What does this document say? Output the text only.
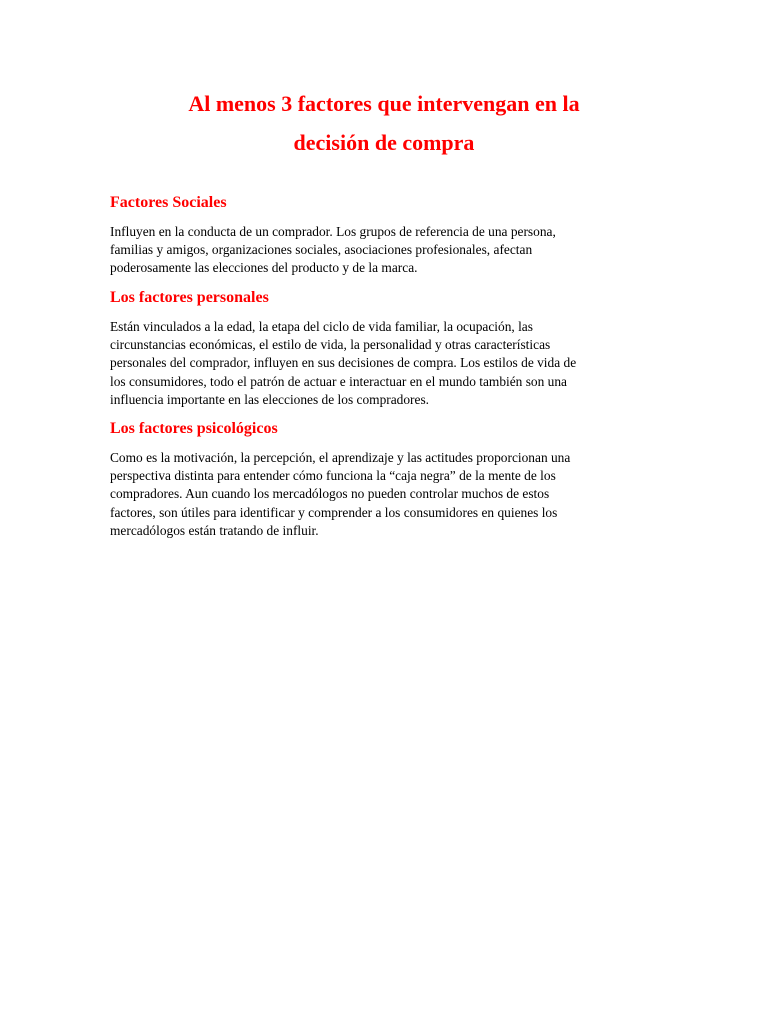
Al menos 3 factores que intervengan en la
decisión de compra
Factores Sociales

Influyen en la conducta de un comprador. Los grupos de referencia de una persona,
familias y amigos, organizaciones sociales, asociaciones profesionales, afectan
poderosamente las elecciones del producto y de la marca.

Los factores personales

Están vinculados a la edad, la etapa del ciclo de vida familiar, la ocupación, las
circunstancias económicas, el estilo de vida, la personalidad y otras características
personales del comprador, influyen en sus decisiones de compra. Los estilos de vida de
los consumidores, todo el patrón de actuar e interactuar en el mundo también son una
influencia importante en las elecciones de los compradores.

Los factores psicológicos

Como es la motivación, la percepción, el aprendizaje y las actitudes proporcionan una
perspectiva distinta para entender cómo funciona la “caja negra” de la mente de los
compradores. Aun cuando los mercadólogos no pueden controlar muchos de estos
factores, son útiles para identificar y comprender a los consumidores en quienes los
mercadólogos están tratando de influir.
